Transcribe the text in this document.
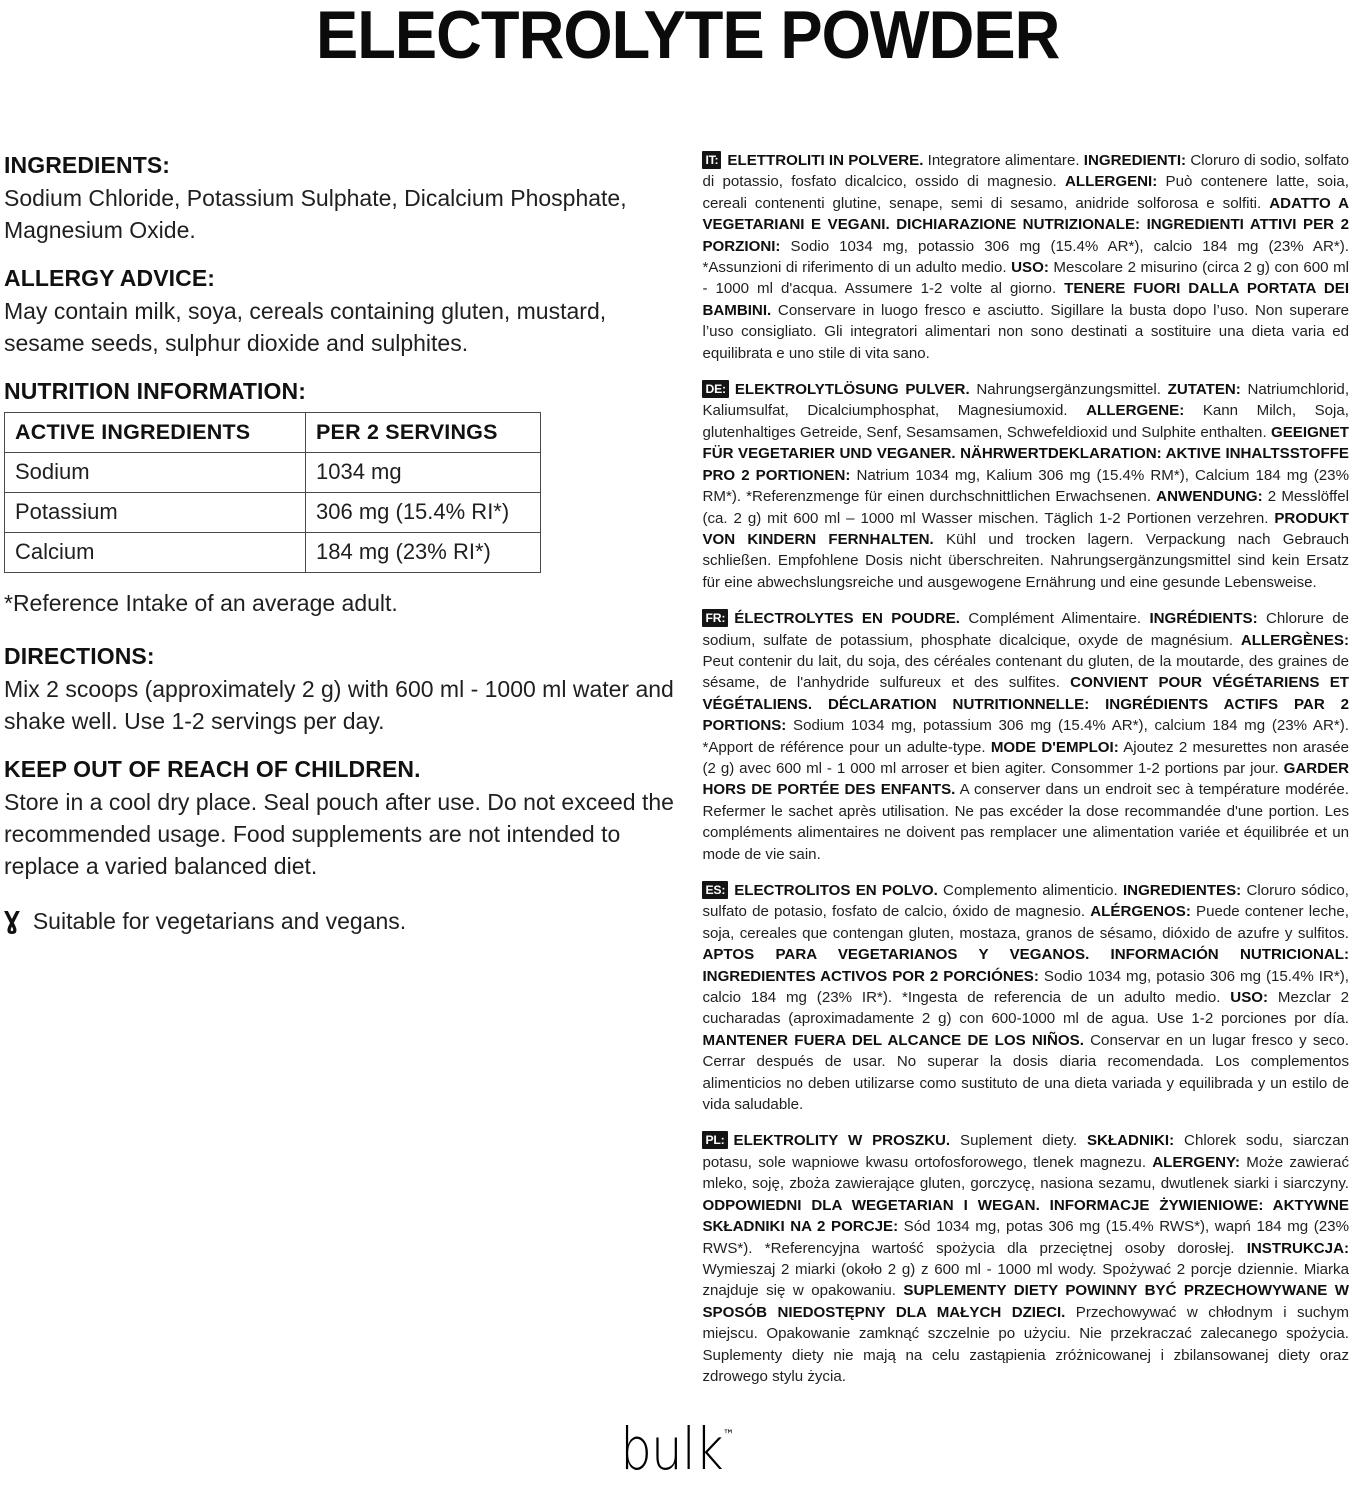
ELECTROLYTE POWDER
INGREDIENTS:
Sodium Chloride, Potassium Sulphate, Dicalcium Phosphate, Magnesium Oxide.
ALLERGY ADVICE:
May contain milk, soya, cereals containing gluten, mustard, sesame seeds, sulphur dioxide and sulphites.
NUTRITION INFORMATION:
ACTIVE INGREDIENTS	PER 2 SERVINGS
Sodium	1034 mg
Potassium	306 mg (15.4% RI*)
Calcium	184 mg (23% RI*)
*Reference Intake of an average adult.
DIRECTIONS:
Mix 2 scoops (approximately 2 g) with 600 ml - 1000 ml water and shake well. Use 1-2 servings per day.
KEEP OUT OF REACH OF CHILDREN.
Store in a cool dry place. Seal pouch after use. Do not exceed the recommended usage. Food supplements are not intended to replace a varied balanced diet.
Ɣ Suitable for vegetarians and vegans.
IT: ELETTROLITI IN POLVERE. Integratore alimentare. INGREDIENTI: Cloruro di sodio, solfato di potassio, fosfato dicalcico, ossido di magnesio. ALLERGENI: Può contenere latte, soia, cereali contenenti glutine, senape, semi di sesamo, anidride solforosa e solfiti. ADATTO A VEGETARIANI E VEGANI. DICHIARAZIONE NUTRIZIONALE: INGREDIENTI ATTIVI PER 2 PORZIONI: Sodio 1034 mg, potassio 306 mg (15.4% AR*), calcio 184 mg (23% AR*). *Assunzioni di riferimento di un adulto medio. USO: Mescolare 2 misurino (circa 2 g) con 600 ml - 1000 ml d'acqua. Assumere 1-2 volte al giorno. TENERE FUORI DALLA PORTATA DEI BAMBINI. Conservare in luogo fresco e asciutto. Sigillare la busta dopo l’uso. Non superare l’uso consigliato. Gli integratori alimentari non sono destinati a sostituire una dieta varia ed equilibrata e uno stile di vita sano.
DE: ELEKTROLYTLÖSUNG PULVER. Nahrungsergänzungsmittel. ZUTATEN: Natriumchlorid, Kaliumsulfat, Dicalciumphosphat, Magnesiumoxid. ALLERGENE: Kann Milch, Soja, glutenhaltiges Getreide, Senf, Sesamsamen, Schwefeldioxid und Sulphite enthalten. GEEIGNET FÜR VEGETARIER UND VEGANER. NÄHRWERTDEKLARATION: AKTIVE INHALTSSTOFFE PRO 2 PORTIONEN: Natrium 1034 mg, Kalium 306 mg (15.4% RM*), Calcium 184 mg (23% RM*). *Referenzmenge für einen durchschnittlichen Erwachsenen. ANWENDUNG: 2 Messlöffel (ca. 2 g) mit 600 ml – 1000 ml Wasser mischen. Täglich 1-2 Portionen verzehren. PRODUKT VON KINDERN FERNHALTEN. Kühl und trocken lagern. Verpackung nach Gebrauch schließen. Empfohlene Dosis nicht überschreiten. Nahrungsergänzungsmittel sind kein Ersatz für eine abwechslungsreiche und ausgewogene Ernährung und eine gesunde Lebensweise.
FR: ÉLECTROLYTES EN POUDRE. Complément Alimentaire. INGRÉDIENTS: Chlorure de sodium, sulfate de potassium, phosphate dicalcique, oxyde de magnésium. ALLERGÈNES: Peut contenir du lait, du soja, des céréales contenant du gluten, de la moutarde, des graines de sésame, de l'anhydride sulfureux et des sulfites. CONVIENT POUR VÉGÉTARIENS ET VÉGÉTALIENS. DÉCLARATION NUTRITIONNELLE: INGRÉDIENTS ACTIFS PAR 2 PORTIONS: Sodium 1034 mg, potassium 306 mg (15.4% AR*), calcium 184 mg (23% AR*). *Apport de référence pour un adulte-type. MODE D'EMPLOI: Ajoutez 2 mesurettes non arasée (2 g) avec 600 ml - 1 000 ml arroser et bien agiter. Consommer 1-2 portions par jour. GARDER HORS DE PORTÉE DES ENFANTS. A conserver dans un endroit sec à température modérée. Refermer le sachet après utilisation. Ne pas excéder la dose recommandée d'une portion. Les compléments alimentaires ne doivent pas remplacer une alimentation variée et équilibrée et un mode de vie sain.
ES: ELECTROLITOS EN POLVO. Complemento alimenticio. INGREDIENTES: Cloruro sódico, sulfato de potasio, fosfato de calcio, óxido de magnesio. ALÉRGENOS: Puede contener leche, soja, cereales que contengan gluten, mostaza, granos de sésamo, dióxido de azufre y sulfitos. APTOS PARA VEGETARIANOS Y VEGANOS. INFORMACIÓN NUTRICIONAL: INGREDIENTES ACTIVOS POR 2 PORCIÓNES: Sodio 1034 mg, potasio 306 mg (15.4% IR*), calcio 184 mg (23% IR*). *Ingesta de referencia de un adulto medio. USO: Mezclar 2 cucharadas (aproximadamente 2 g) con 600-1000 ml de agua. Use 1-2 porciones por día. MANTENER FUERA DEL ALCANCE DE LOS NIÑOS. Conservar en un lugar fresco y seco. Cerrar después de usar. No superar la dosis diaria recomendada. Los complementos alimenticios no deben utilizarse como sustituto de una dieta variada y equilibrada y un estilo de vida saludable.
PL: ELEKTROLITY W PROSZKU. Suplement diety. SKŁADNIKI: Chlorek sodu, siarczan potasu, sole wapniowe kwasu ortofosforowego, tlenek magnezu. ALERGENY: Może zawierać mleko, soję, zboża zawierające gluten, gorczycę, nasiona sezamu, dwutlenek siarki i siarczyny. ODPOWIEDNI DLA WEGETARIAN I WEGAN. INFORMACJE ŻYWIENIOWE: AKTYWNE SKŁADNIKI NA 2 PORCJE: Sód 1034 mg, potas 306 mg (15.4% RWS*), wapń 184 mg (23% RWS*). *Referencyjna wartość spożycia dla przeciętnej osoby dorosłej. INSTRUKCJA: Wymieszaj 2 miarki (około 2 g) z 600 ml - 1000 ml wody. Spożywać 2 porcje dziennie. Miarka znajduje się w opakowaniu. SUPLEMENTY DIETY POWINNY BYĆ PRZECHOWYWANE W SPOSÓB NIEDOSTĘPNY DLA MAŁYCH DZIECI. Przechowywać w chłodnym i suchym miejscu. Opakowanie zamknąć szczelnie po użyciu. Nie przekraczać zalecanego spożycia. Suplementy diety nie mają na celu zastąpienia zróżnicowanej i zbilansowanej diety oraz zdrowego stylu życia.
bulk™
